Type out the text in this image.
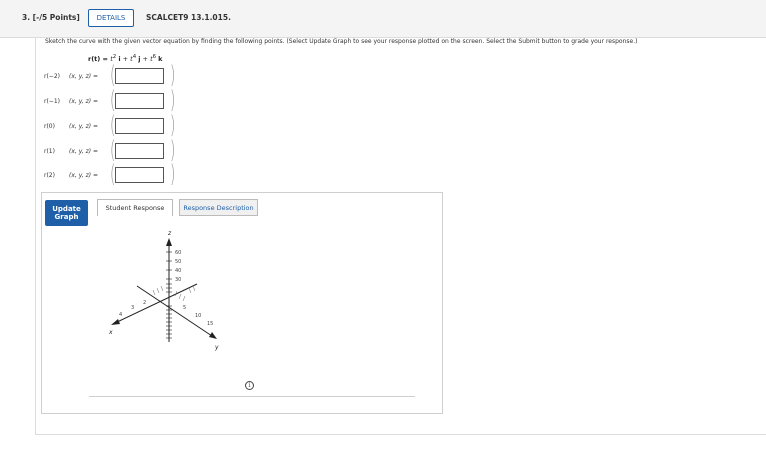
3. [-/5 Points]	DETAILS	SCALCET9 13.1.015.
Sketch the curve with the given vector equation by finding the following points. (Select Update Graph to see your response plotted on the screen. Select the Submit button to grade your response.)
$r(t) = t^2$ $i + t^4$ $j + t^6$ k
r(−2) (x, y, z) = ( )
r(−1) (x, y, z) = ( )
r(0) (x, y, z) = ( )
r(1) (x, y, z) = ( )
r(2) (x, y, z) = ( )
Update Graph
Student Response	Response Description
z
60
50
40
30
x
4
3
2
y
5
10
15
i
